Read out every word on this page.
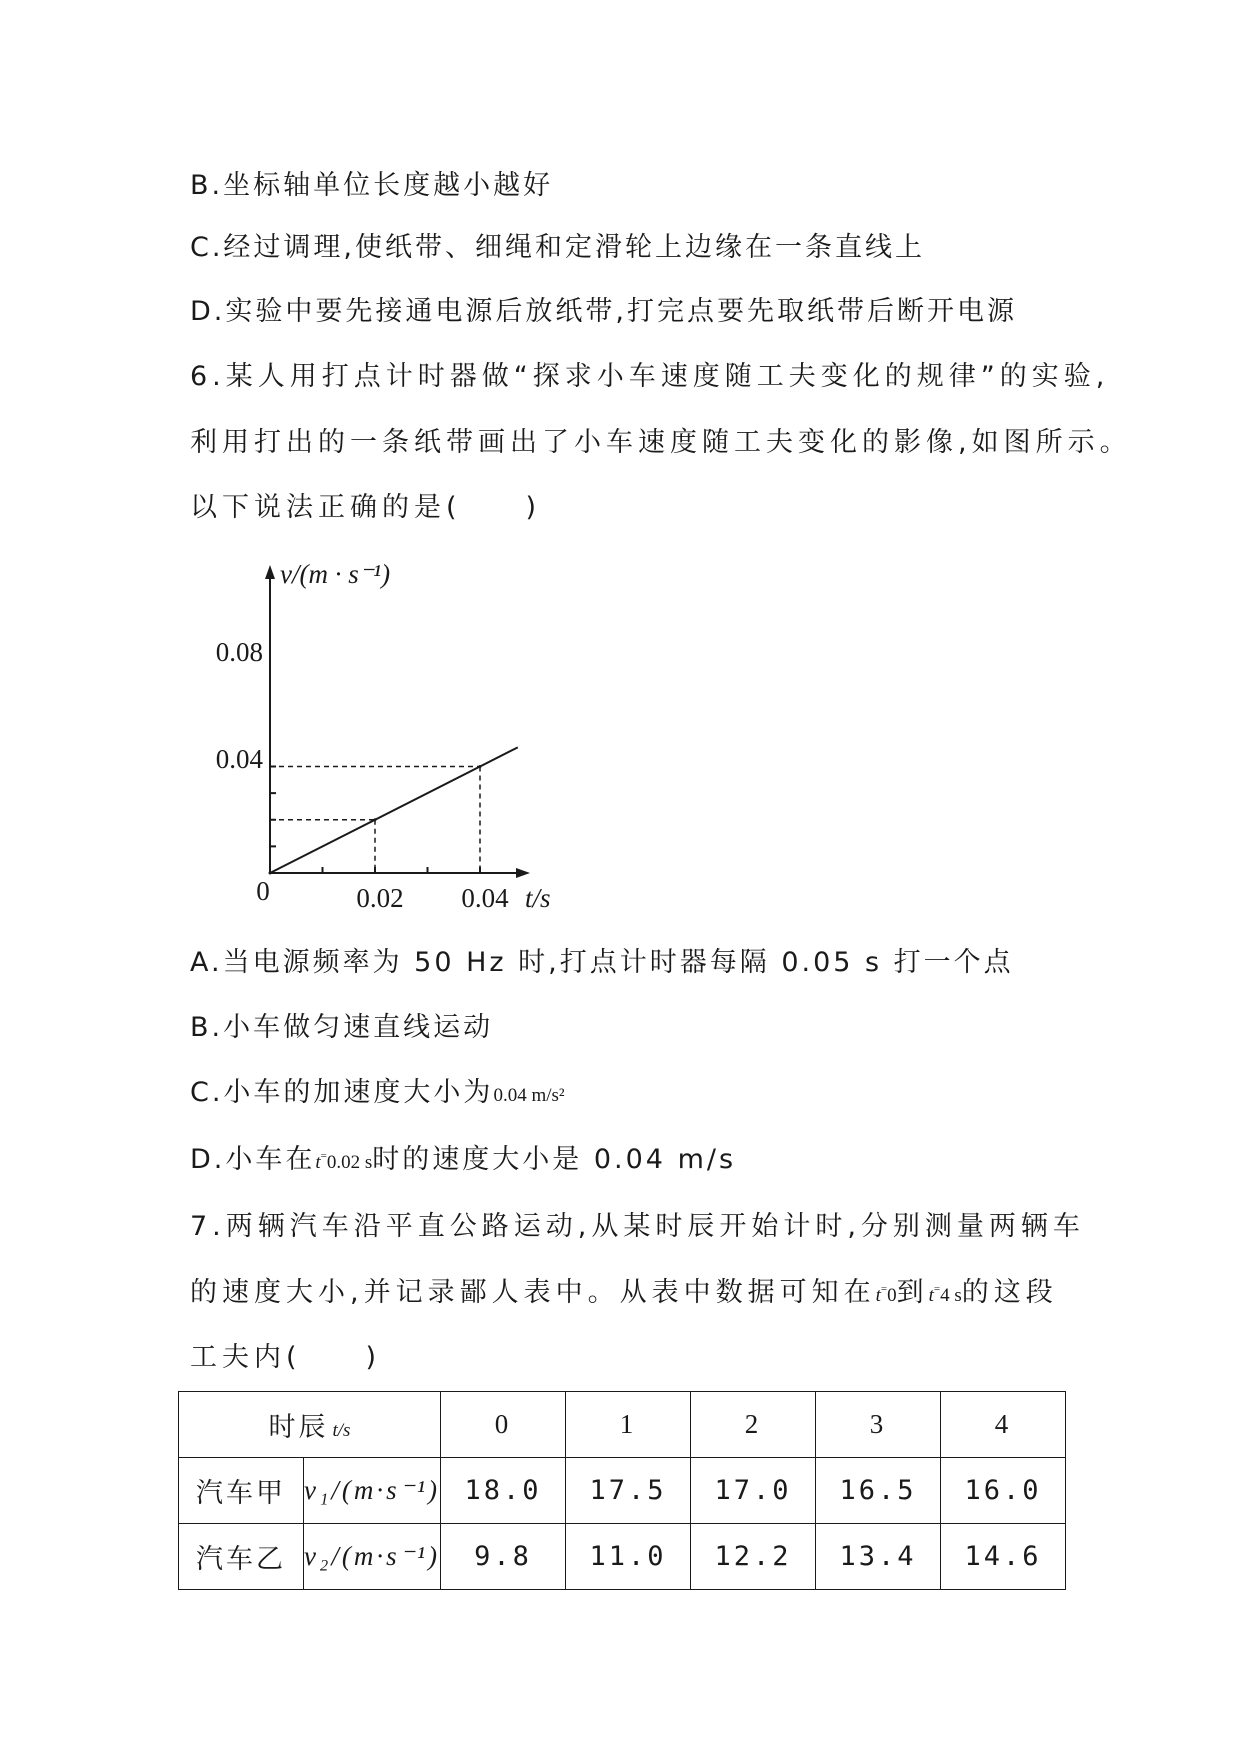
B.坐标轴单位长度越小越好
C.经过调理,使纸带、细绳和定滑轮上边缘在一条直线上
D.实验中要先接通电源后放纸带,打完点要先取纸带后断开电源
6.某人用打点计时器做“探求小车速度随工夫变化的规律”的实验,
利用打出的一条纸带画出了小车速度随工夫变化的影像,如图所示。
以下说法正确的是(　　)
v/(m · s⁻¹)
t/s
0
0.08
0.04
0.02 0.04
A.当电源频率为 50 Hz 时,打点计时器每隔 0.05 s 打一个点
B.小车做匀速直线运动
C.小车的加速度大小为0.04 m/s²
D.小车在t=0.02 s时的速度大小是 0.04 m/s
7.两辆汽车沿平直公路运动,从某时辰开始计时,分别测量两辆车
的速度大小,并记录鄙人表中。从表中数据可知在t=0到t=4 s的这段
工夫内(　　)
时辰 t/s		0	1	2	3	4
汽车甲	v₁/(m·s⁻¹)	18.0	17.5	17.0	16.5	16.0
汽车乙	v₂/(m·s⁻¹)	9.8	11.0	12.2	13.4	14.6
